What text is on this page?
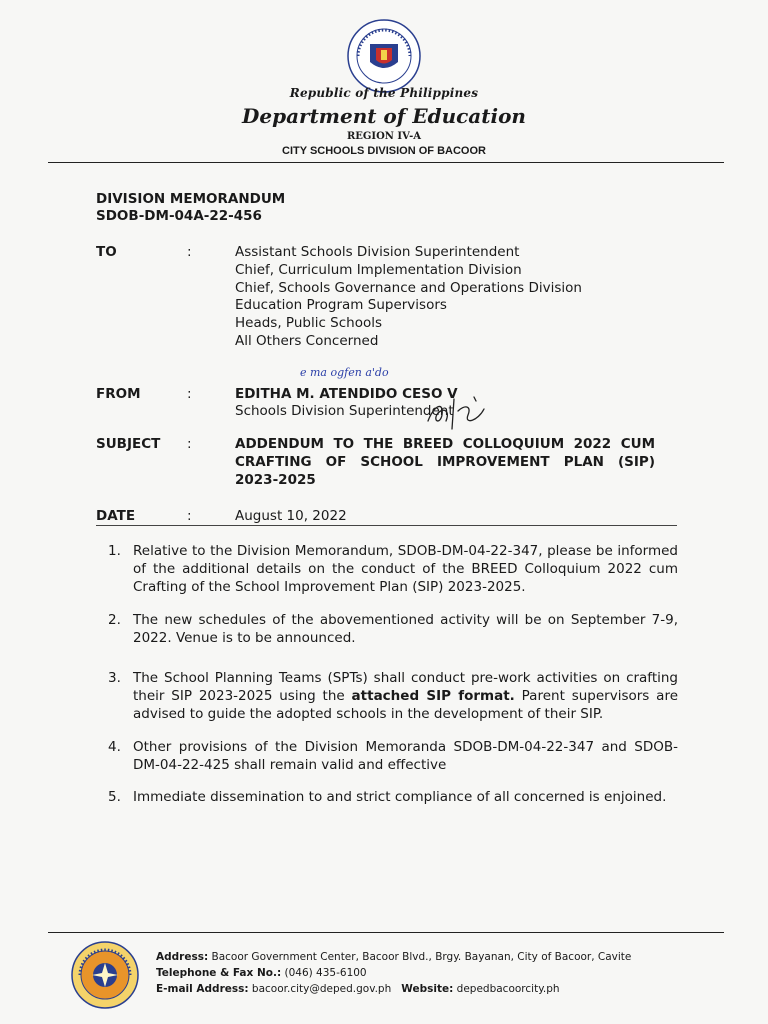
Republic of the Philippines
Department of Education
REGION IV-A
CITY SCHOOLS DIVISION OF BACOOR
DIVISION MEMORANDUM
SDOB-DM-04A-22-456
TO	:	Assistant Schools Division Superintendent
Chief, Curriculum Implementation Division
Chief, Schools Governance and Operations Division
Education Program Supervisors
Heads, Public Schools
All Others Concerned
e ma ogfen a'do
FROM	:	EDITHA M. ATENDIDO CESO V
Schools Division Superintendent
SUBJECT :	ADDENDUM TO THE BREED COLLOQUIUM 2022 CUM CRAFTING OF SCHOOL IMPROVEMENT PLAN (SIP) 2023-2025
DATE	:	August 10, 2022
1. Relative to the Division Memorandum, SDOB-DM-04-22-347, please be informed of the additional details on the conduct of the BREED Colloquium 2022 cum Crafting of the School Improvement Plan (SIP) 2023-2025.
2. The new schedules of the abovementioned activity will be on September 7-9, 2022. Venue is to be announced.
3. The School Planning Teams (SPTs) shall conduct pre-work activities on crafting their SIP 2023-2025 using the attached SIP format. Parent supervisors are advised to guide the adopted schools in the development of their SIP.
4. Other provisions of the Division Memoranda SDOB-DM-04-22-347 and SDOB-DM-04-22-425 shall remain valid and effective
5. Immediate dissemination to and strict compliance of all concerned is enjoined.
Address: Bacoor Government Center, Bacoor Blvd., Brgy. Bayanan, City of Bacoor, Cavite
Telephone & Fax No.: (046) 435-6100
E-mail Address: bacoor.city@deped.gov.ph Website: depedbacoorcity.ph
